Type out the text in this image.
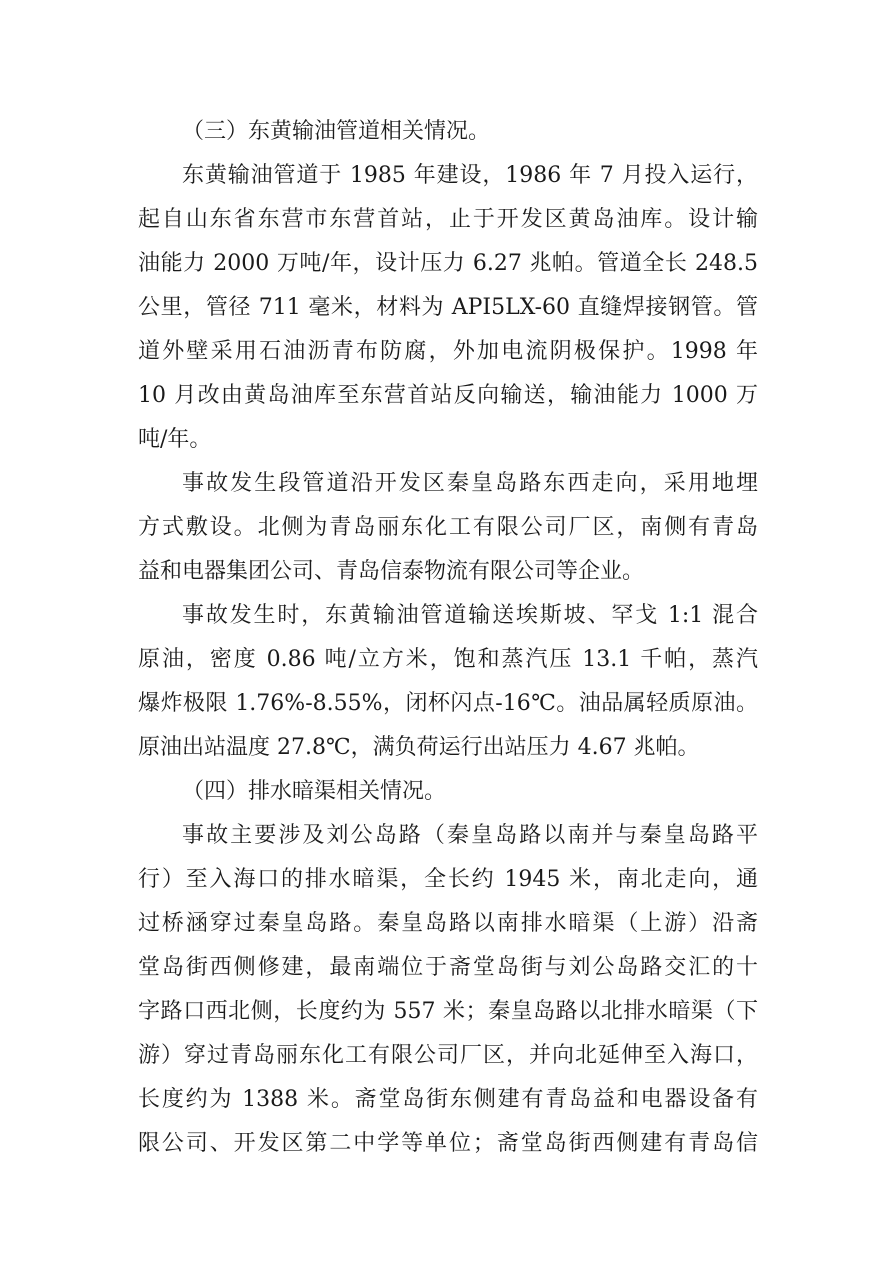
（三）东黄输油管道相关情况。
东黄输油管道于 1985 年建设，1986 年 7 月投入运行，
起自山东省东营市东营首站，止于开发区黄岛油库。设计输
油能力 2000 万吨/年，设计压力 6.27 兆帕。管道全长 248.5
公里，管径 711 毫米，材料为 API5LX-60 直缝焊接钢管。管
道外壁采用石油沥青布防腐，外加电流阴极保护。1998 年
10 月改由黄岛油库至东营首站反向输送，输油能力 1000 万
吨/年。
事故发生段管道沿开发区秦皇岛路东西走向，采用地埋
方式敷设。北侧为青岛丽东化工有限公司厂区，南侧有青岛
益和电器集团公司、青岛信泰物流有限公司等企业。
事故发生时，东黄输油管道输送埃斯坡、罕戈 1:1 混合
原油，密度 0.86 吨/立方米，饱和蒸汽压 13.1 千帕，蒸汽
爆炸极限 1.76%-8.55%，闭杯闪点-16℃。油品属轻质原油。
原油出站温度 27.8℃，满负荷运行出站压力 4.67 兆帕。
（四）排水暗渠相关情况。
事故主要涉及刘公岛路（秦皇岛路以南并与秦皇岛路平
行）至入海口的排水暗渠，全长约 1945 米，南北走向，通
过桥涵穿过秦皇岛路。秦皇岛路以南排水暗渠（上游）沿斋
堂岛街西侧修建，最南端位于斋堂岛街与刘公岛路交汇的十
字路口西北侧，长度约为 557 米；秦皇岛路以北排水暗渠（下
游）穿过青岛丽东化工有限公司厂区，并向北延伸至入海口，
长度约为 1388 米。斋堂岛街东侧建有青岛益和电器设备有
限公司、开发区第二中学等单位；斋堂岛街西侧建有青岛信
